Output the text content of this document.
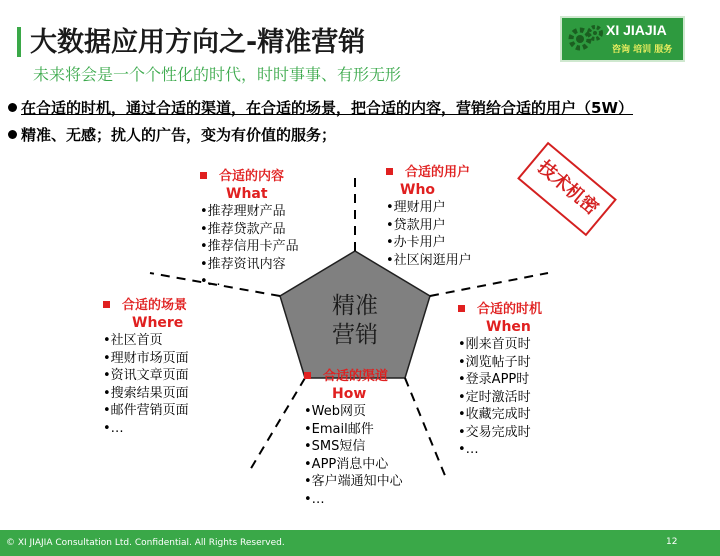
大数据应用方向之-精准营销
未来将会是一个个性化的时代，时时事事、有形无形
XI JIAJIA
咨询 培训 服务
在合适的时机，通过合适的渠道，在合适的场景，把合适的内容，营销给合适的用户（5W）
精准、无感；扰人的广告，变为有价值的服务；
技术机密
精准
营销
合适的内容
What
• 推荐理财产品
• 推荐贷款产品
• 推荐信用卡产品
• 推荐资讯内容
• …
合适的用户
Who
• 理财用户
• 贷款用户
• 办卡用户
• 社区闲逛用户
合适的场景
Where
• 社区首页
• 理财市场页面
• 资讯文章页面
• 搜索结果页面
• 邮件营销页面
• …
合适的时机
When
• 刚来首页时
• 浏览帖子时
• 登录APP时
• 定时激活时
• 收藏完成时
• 交易完成时
• …
合适的渠道
How
• Web网页
• Email邮件
• SMS短信
• APP消息中心
• 客户端通知中心
• …
© XI JIAJIA Consultation Ltd. Confidential. All Rights Reserved.	12
